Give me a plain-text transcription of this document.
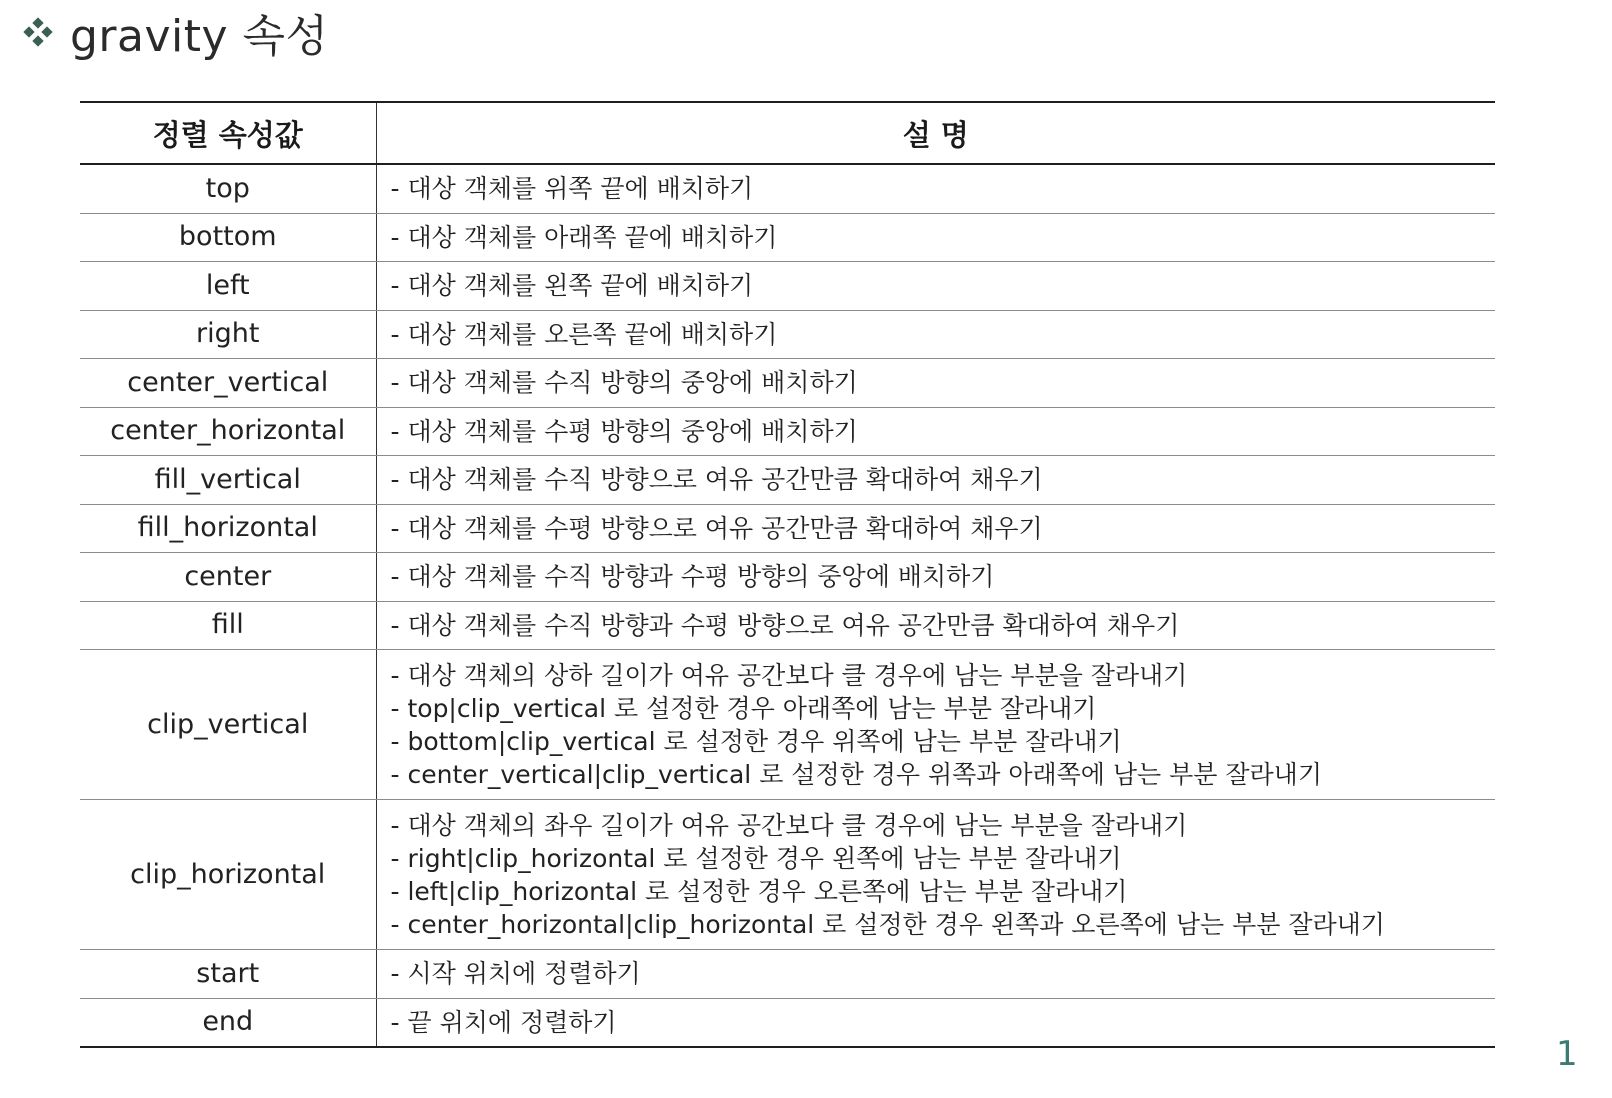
gravity 속성
정렬 속성값	설 명
top	- 대상 객체를 위쪽 끝에 배치하기

bottom	- 대상 객체를 아래쪽 끝에 배치하기

left	- 대상 객체를 왼쪽 끝에 배치하기

right	- 대상 객체를 오른쪽 끝에 배치하기

center_vertical	- 대상 객체를 수직 방향의 중앙에 배치하기

center_horizontal	- 대상 객체를 수평 방향의 중앙에 배치하기

fill_vertical	- 대상 객체를 수직 방향으로 여유 공간만큼 확대하여 채우기

fill_horizontal	- 대상 객체를 수평 방향으로 여유 공간만큼 확대하여 채우기

center	- 대상 객체를 수직 방향과 수평 방향의 중앙에 배치하기

fill	- 대상 객체를 수직 방향과 수평 방향으로 여유 공간만큼 확대하여 채우기

clip_vertical	- 대상 객체의 상하 길이가 여유 공간보다 클 경우에 남는 부분을 잘라내기
- top|clip_vertical 로 설정한 경우 아래쪽에 남는 부분 잘라내기
- bottom|clip_vertical 로 설정한 경우 위쪽에 남는 부분 잘라내기
- center_vertical|clip_vertical 로 설정한 경우 위쪽과 아래쪽에 남는 부분 잘라내기

clip_horizontal	- 대상 객체의 좌우 길이가 여유 공간보다 클 경우에 남는 부분을 잘라내기
- right|clip_horizontal 로 설정한 경우 왼쪽에 남는 부분 잘라내기
- left|clip_horizontal 로 설정한 경우 오른쪽에 남는 부분 잘라내기
- center_horizontal|clip_horizontal 로 설정한 경우 왼쪽과 오른쪽에 남는 부분 잘라내기

start	- 시작 위치에 정렬하기

end	- 끝 위치에 정렬하기
1
